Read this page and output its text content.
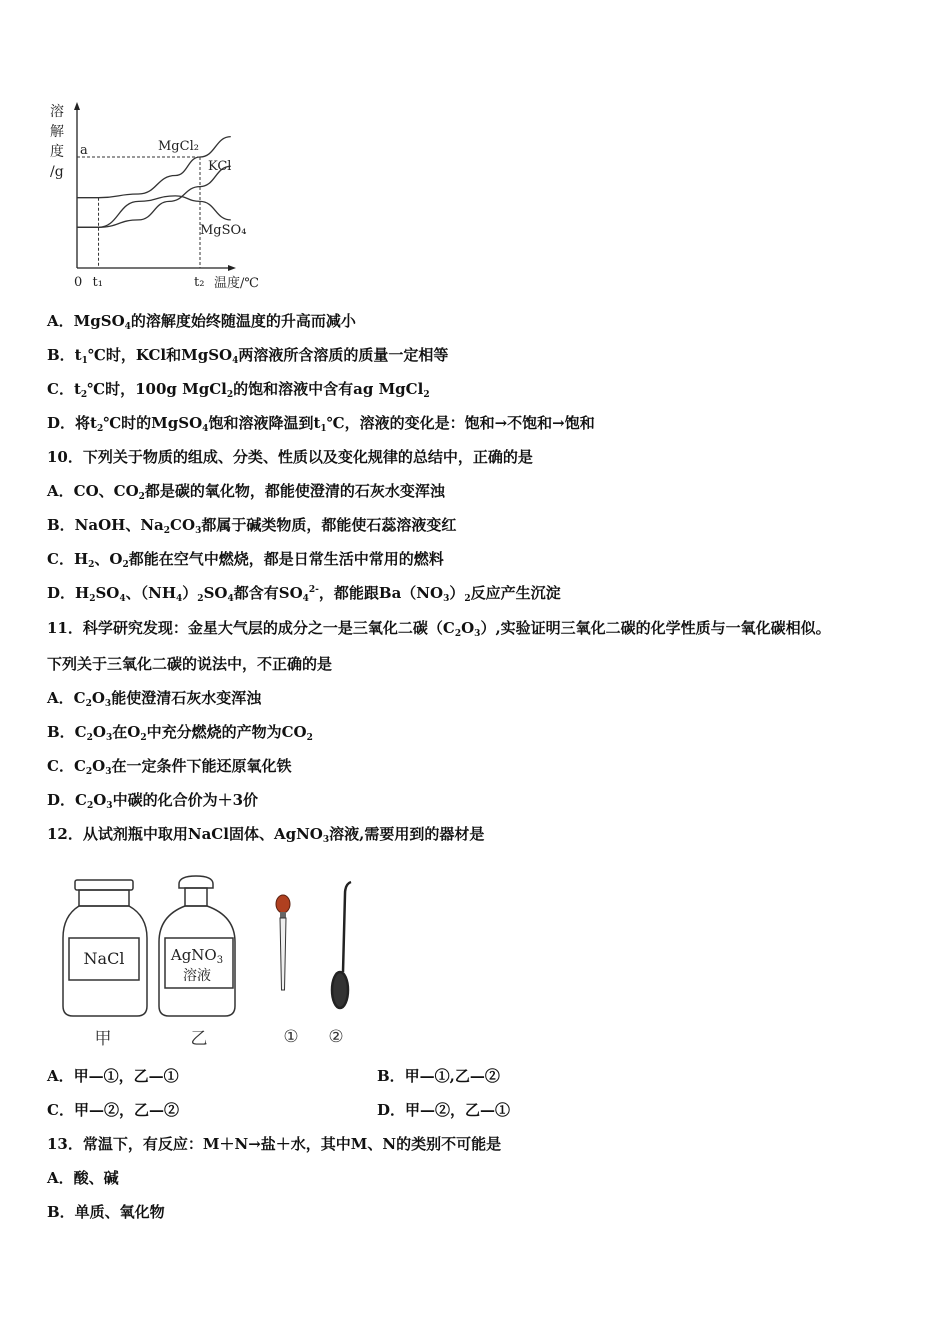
溶
解
度
/g
MgCl₂
KCl
MgSO₄
a
0 t₁	t₂ 温度/℃
A．MgSO$_4$的溶解度始终随温度的升高而减小
B．$t_1℃$时，KCl和MgSO$_4$两溶液所含溶质的质量一定相等
C．$t_2℃$时，100g MgCl$_2$的饱和溶液中含有ag MgCl$_2$
D．将$t_2℃$时的MgSO$_4$饱和溶液降温到$t_1℃$，溶液的变化是：饱和→不饱和→饱和
10．下列关于物质的组成、分类、性质以及变化规律的总结中，正确的是
A．CO、$CO_2$都是碳的氧化物，都能使澄清的石灰水变浑浊
B．NaOH、$Na_2CO_3$都属于碱类物质，都能使石蕊溶液变红
C．$H_2$、$O_2$都能在空气中燃烧，都是日常生活中常用的燃料
D．$H_2SO_4$、$(NH_4)_2SO_4$都含有$SO_4^{2-}$，都能跟$Ba(NO_3)_2$反应产生沉淀
11．科学研究发现：金星大气层的成分之一是三氧化二碳$(C_2O_3)$,实验证明三氧化二碳的化学性质与一氧化碳相似。
下列关于三氧化二碳的说法中，不正确的是
A．$C_2O_3$能使澄清石灰水变浑浊
B．$C_2O_3$在$O_2$中充分燃烧的产物为$CO_2$
C．$C_2O_3$在一定条件下能还原氧化铁
D．$C_2O_3$中碳的化合价为＋3价
12．从试剂瓶中取用NaCl固体、AgNO$_3$溶液,需要用到的器材是
NaCl	AgNO$_3$
溶液
甲	乙	① ②
A．甲—①，乙—①	B．甲—①,乙—②
C．甲—②，乙—②	D．甲—②，乙—①
13．常温下，有反应：M＋N→盐＋水，其中M、N的类别不可能是
A．酸、碱
B．单质、氧化物
